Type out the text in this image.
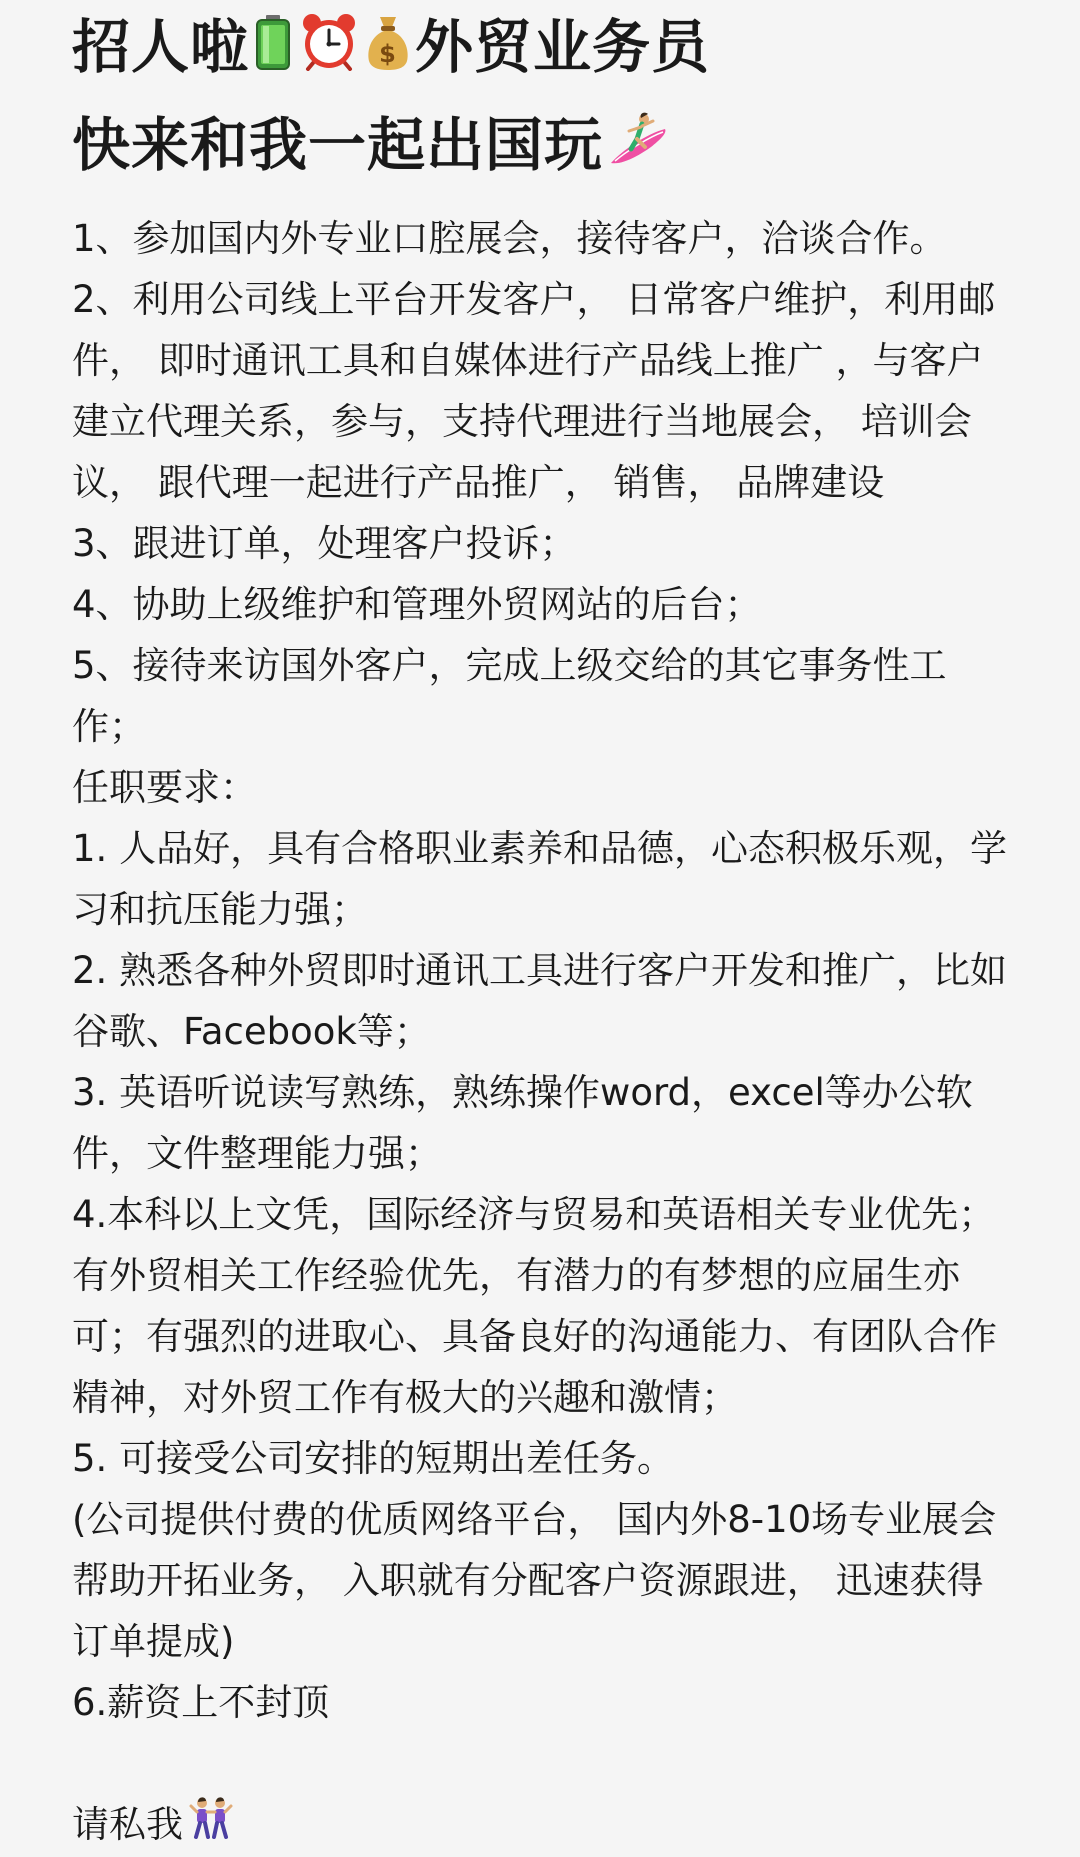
招人啦	$ 外贸业务员
快来和我一起出国玩

1、参加国内外专业口腔展会，接待客户，洽谈合作。

2、利用公司线上平台开发客户， 日常客户维护，利用邮件， 即时通讯工具和自媒体进行产品线上推广 ，与客户建立代理关系，参与，支持代理进行当地展会， 培训会议， 跟代理一起进行产品推广， 销售， 品牌建设

3、跟进订单，处理客户投诉；

4、协助上级维护和管理外贸网站的后台；

5、接待来访国外客户，完成上级交给的其它事务性工作；

任职要求：

1. 人品好，具有合格职业素养和品德，心态积极乐观，学习和抗压能力强；

2. 熟悉各种外贸即时通讯工具进行客户开发和推广，比如谷歌、Facebook等；

3. 英语听说读写熟练，熟练操作word，excel等办公软件，文件整理能力强；

4.本科以上文凭，国际经济与贸易和英语相关专业优先；有外贸相关工作经验优先，有潜力的有梦想的应届生亦可；有强烈的进取心、具备良好的沟通能力、有团队合作精神，对外贸工作有极大的兴趣和激情；

5. 可接受公司安排的短期出差任务。

(公司提供付费的优质网络平台， 国内外8-10场专业展会帮助开拓业务， 入职就有分配客户资源跟进， 迅速获得订单提成)

6.薪资上不封顶

请私我
